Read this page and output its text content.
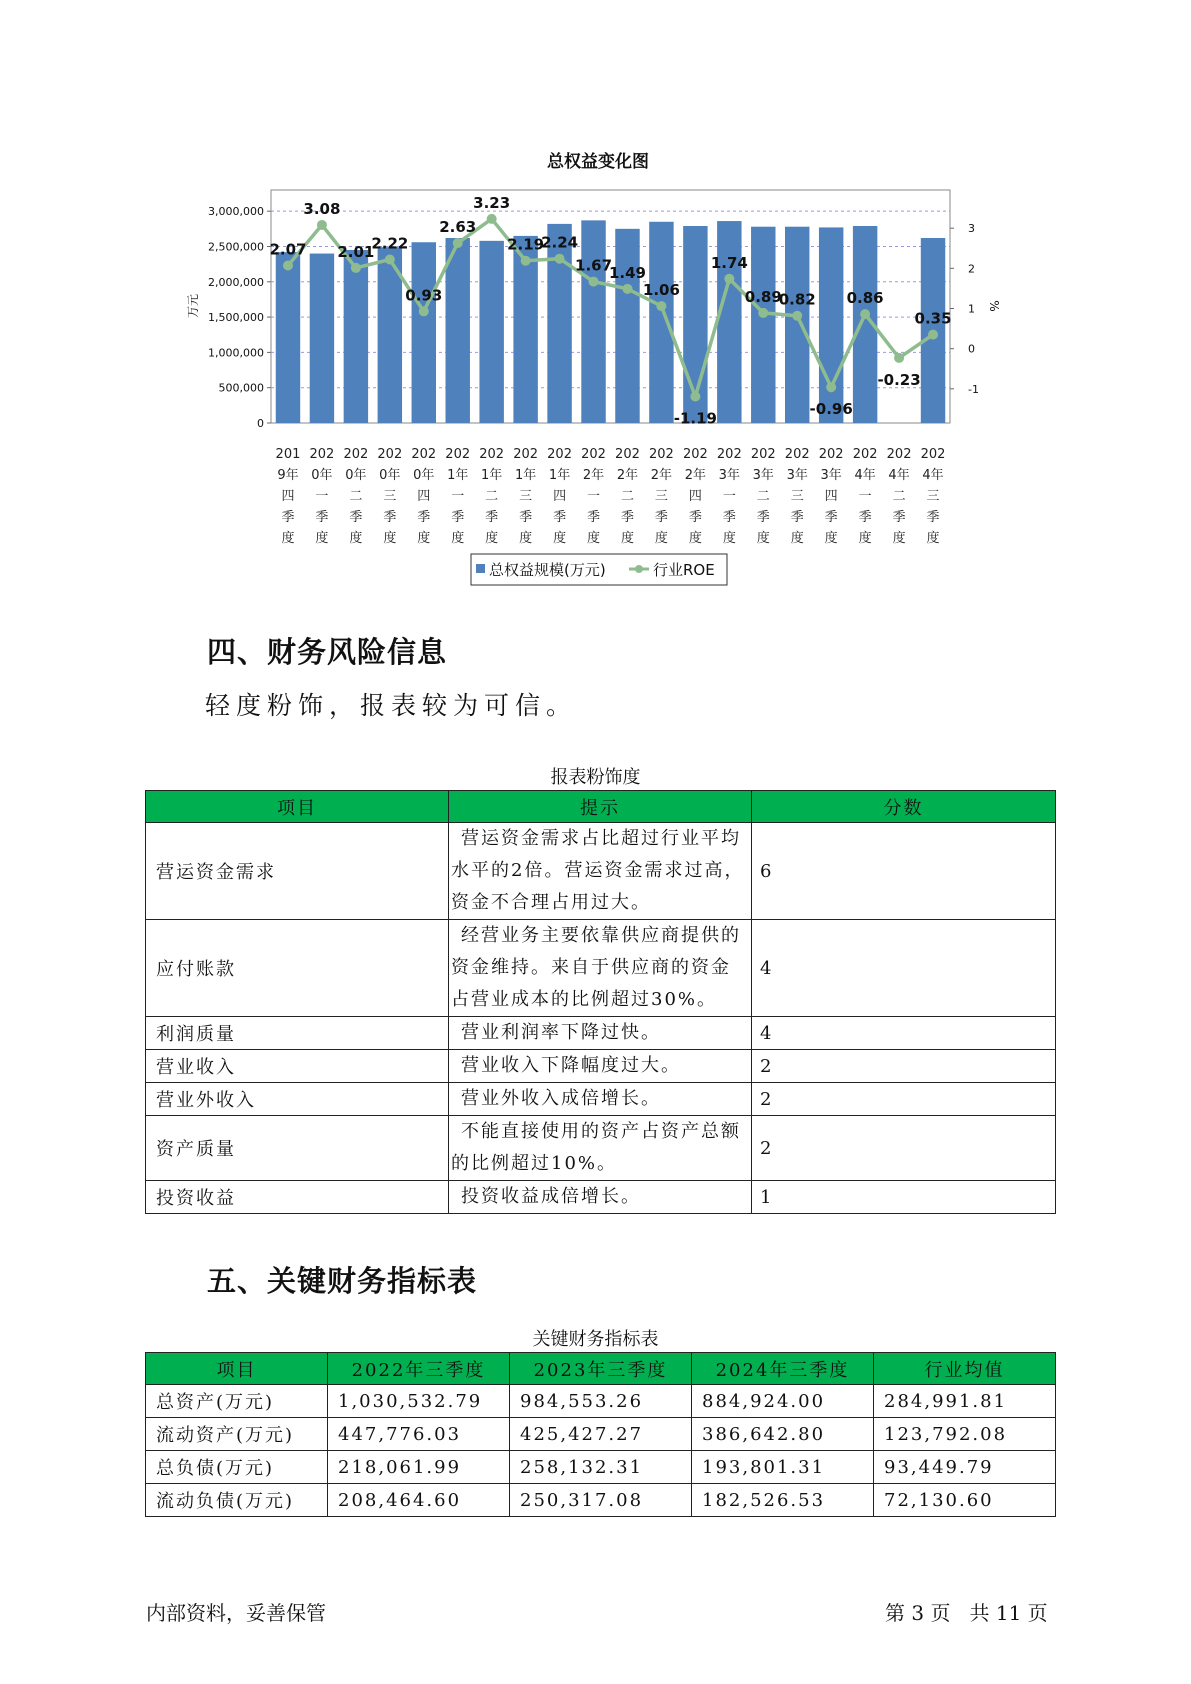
总权益变化图
万元	%
2.07
3.08
2.01
2.22
0.93
2.63
3.23
2.19
2.24
1.67
1.49
1.06
-1.19
1.74
0.89
0.82
-0.96
0.86
-0.23
0.35
0
500,000
1,000,000
1,500,000
2,000,000
2,500,000
3,000,000
-1
0
1
2
3
201
9年
四
季
度
202
0年
一
季
度
202
0年
二
季
度
202
0年
三
季
度
202
0年
四
季
度
202
1年
一
季
度
202
1年
二
季
度
202
1年
三
季
度
202
1年
四
季
度
202
2年
一
季
度
202
2年
二
季
度
202
2年
三
季
度
202
2年
四
季
度
202
3年
一
季
度
202
3年
二
季
度
202
3年
三
季
度
202
3年
四
季
度
202
4年
一
季
度
202
4年
二
季
度
202
4年
三
季
度
总权益规模(万元)	行业ROE
四、财务风险信息
轻度粉饰，报表较为可信。
报表粉饰度
项目	提示	分数
营运资金需求	营运资金需求占比超过行业平均水平的2倍。营运资金需求过高，资金不合理占用过大。	6
应付账款	经营业务主要依靠供应商提供的资金维持。来自于供应商的资金占营业成本的比例超过30%。	4
利润质量	营业利润率下降过快。	4
营业收入	营业收入下降幅度过大。	2
营业外收入	营业外收入成倍增长。	2
资产质量	不能直接使用的资产占资产总额的比例超过10%。	2
投资收益	投资收益成倍增长。	1
五、关键财务指标表
关键财务指标表
项目	2022年三季度	2023年三季度	2024年三季度	行业均值
总资产(万元)	1,030,532.79	984,553.26	884,924.00	284,991.81
流动资产(万元)	447,776.03	425,427.27	386,642.80	123,792.08
总负债(万元)	218,061.99	258,132.31	193,801.31	93,449.79
流动负债(万元)	208,464.60	250,317.08	182,526.53	72,130.60
内部资料，妥善保管	第 3 页   共 11 页
